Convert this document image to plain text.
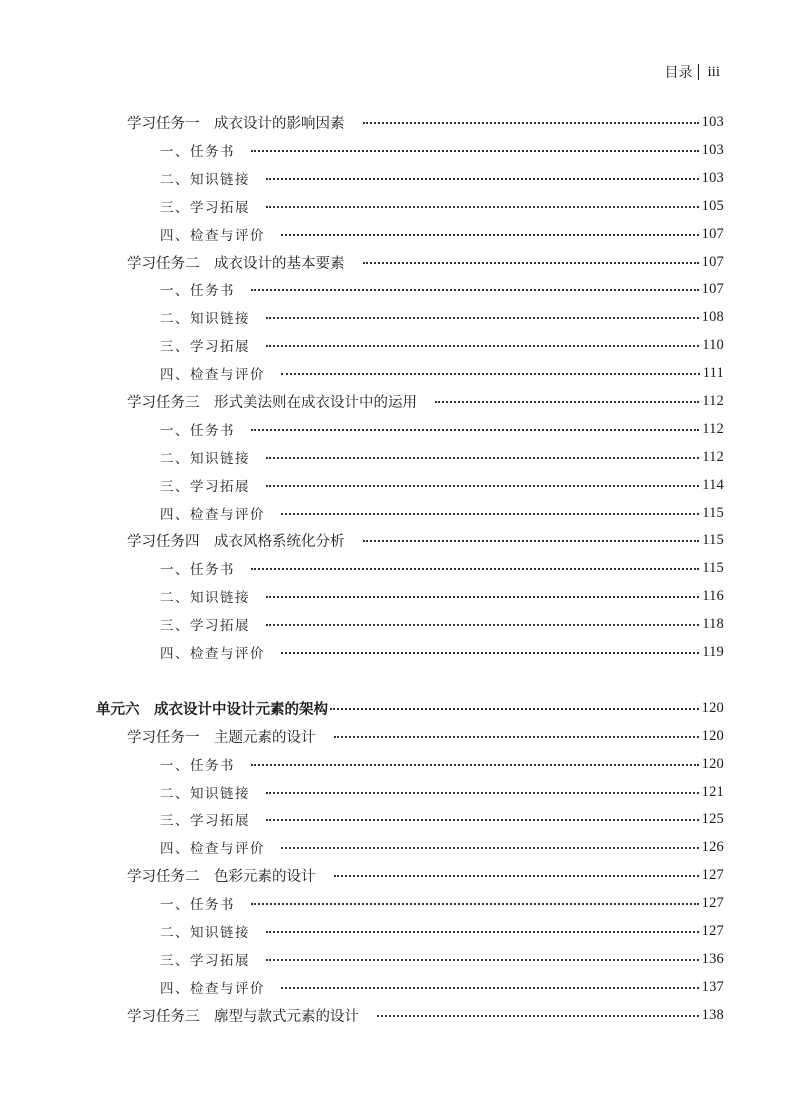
目录 iii
学习任务一　成衣设计的影响因素	103
一、任务书	103
二、知识链接	103
三、学习拓展	105
四、检查与评价	107
学习任务二　成衣设计的基本要素	107
一、任务书	107
二、知识链接	108
三、学习拓展	110
四、检查与评价	111
学习任务三　形式美法则在成衣设计中的运用	112
一、任务书	112
二、知识链接	112
三、学习拓展	114
四、检查与评价	115
学习任务四　成衣风格系统化分析	115
一、任务书	115
二、知识链接	116
三、学习拓展	118
四、检查与评价	119
单元六　成衣设计中设计元素的架构	120
学习任务一　主题元素的设计	120
一、任务书	120
二、知识链接	121
三、学习拓展	125
四、检查与评价	126
学习任务二　色彩元素的设计	127
一、任务书	127
二、知识链接	127
三、学习拓展	136
四、检查与评价	137
学习任务三　廓型与款式元素的设计	138
